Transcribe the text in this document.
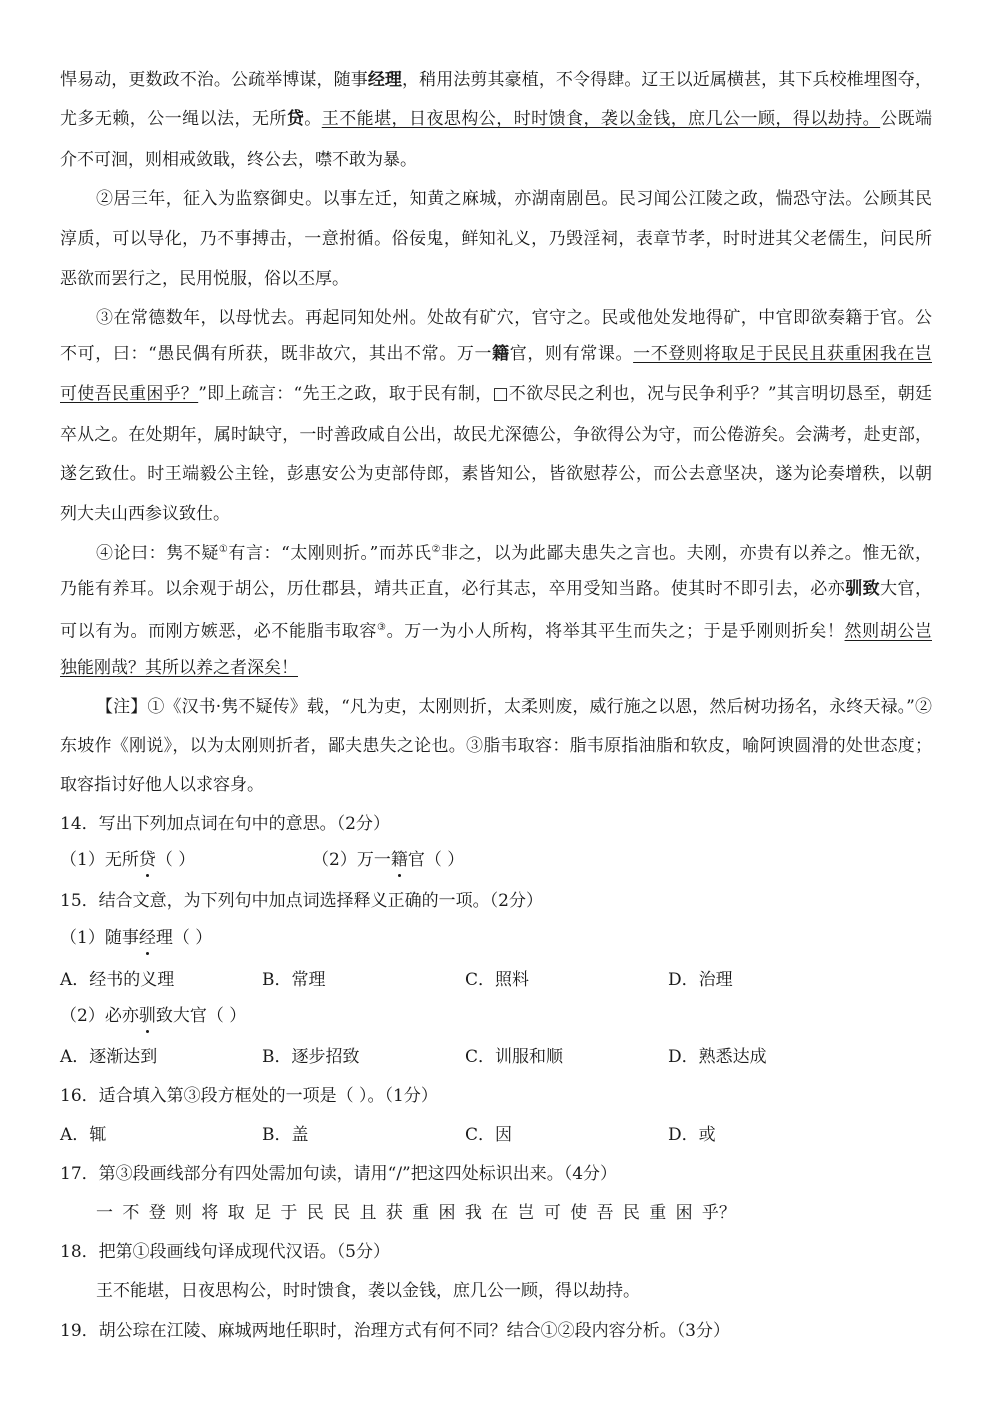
悍易动，更数政不治。公疏举博谋，随事经理，稍用法剪其豪植，不令得肆。辽王以近属横甚，其下兵校椎埋图夺，
尤多无赖，公一绳以法，无所贷。王不能堪，日夜思构公，时时馈食，袭以金钱，庶几公一顾，得以劫持。公既端
介不可洄，则相戒敛戢，终公去，噤不敢为暴。
②居三年，征入为监察御史。以事左迁，知黄之麻城，亦湖南剧邑。民习闻公江陵之政，惴恐守法。公顾其民
淳质，可以导化，乃不事搏击，一意拊循。俗佞鬼，鲜知礼义，乃毁淫祠，表章节孝，时时进其父老儒生，问民所
恶欲而罢行之，民用悦服，俗以丕厚。
③在常德数年，以母忧去。再起同知处州。处故有矿穴，官守之。民或他处发地得矿，中官即欲奏籍于官。公
不可，曰：“愚民偶有所获，既非故穴，其出不常。万一籍官，则有常课。一不登则将取足于民民且获重困我在岂
可使吾民重困乎？”即上疏言：“先王之政，取于民有制，□不欲尽民之利也，况与民争利乎？”其言明切恳至，朝廷
卒从之。在处期年，属时缺守，一时善政咸自公出，故民尤深德公，争欲得公为守，而公倦游矣。会满考，赴吏部，
遂乞致仕。时王端毅公主铨，彭惠安公为吏部侍郎，素皆知公，皆欲慰荐公，而公去意坚决，遂为论奏增秩，以朝
列大夫山西参议致仕。
④论曰：隽不疑①有言：“太刚则折。”而苏氏②非之，以为此鄙夫患失之言也。夫刚，亦贵有以养之。惟无欲，
乃能有养耳。以余观于胡公，历仕郡县，靖共正直，必行其志，卒用受知当路。使其时不即引去，必亦驯致大官，
可以有为。而刚方嫉恶，必不能脂韦取容③。万一为小人所构，将举其平生而失之；于是乎刚则折矣！然则胡公岂
独能刚哉？其所以养之者深矣！
【注】①《汉书·隽不疑传》载，“凡为吏，太刚则折，太柔则废，威行施之以恩，然后树功扬名，永终天禄。”②
东坡作《刚说》，以为太刚则折者，鄙夫患失之论也。③脂韦取容：脂韦原指油脂和软皮，喻阿谀圆滑的处世态度；
取容指讨好他人以求容身。
14．写出下列加点词在句中的意思。（2分）
（1）无所贷（ ）	（2）万一籍官（ ）
15．结合文意，为下列句中加点词选择释义正确的一项。（2分）
（1）随事经理（ ）
A．经书的义理	B．常理	C．照料	D．治理
（2）必亦驯致大官（ ）
A．逐渐达到	B．逐步招致	C．训服和顺	D．熟悉达成
16．适合填入第③段方框处的一项是（ ）。（1分）
A．辄	B．盖	C．因	D．或
17．第③段画线部分有四处需加句读，请用“/”把这四处标识出来。（4分）
一 不 登 则 将 取 足 于 民 民 且 获 重 困 我 在 岂 可 使 吾 民 重 困 乎？
18．把第①段画线句译成现代汉语。（5分）
王不能堪，日夜思构公，时时馈食，袭以金钱，庶几公一顾，得以劫持。
19．胡公琮在江陵、麻城两地任职时，治理方式有何不同？结合①②段内容分析。（3分）
